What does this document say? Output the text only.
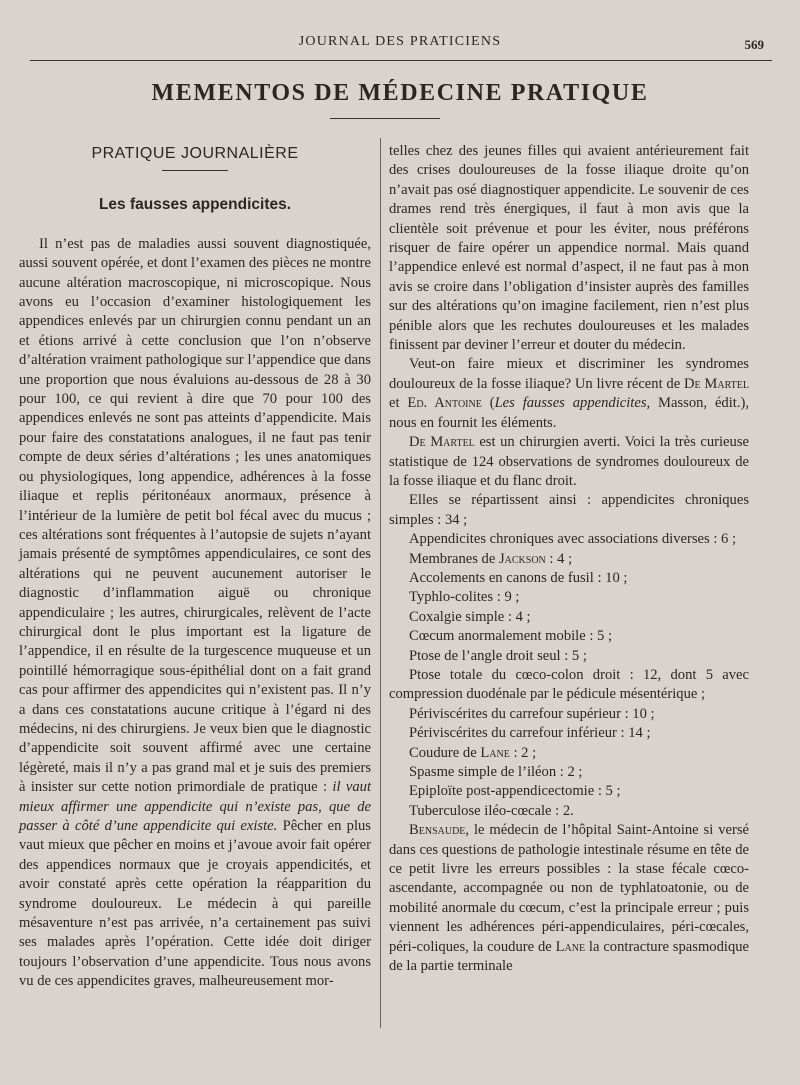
JOURNAL DES PRATICIENS	569
MEMENTOS DE MÉDECINE PRATIQUE
PRATIQUE JOURNALIÈRE
Les fausses appendicites.

Il n’est pas de maladies aussi souvent diagnostiquée, aussi souvent opérée, et dont l’examen des pièces ne montre aucune altération macroscopique, ni microscopique. Nous avons eu l’occasion d’examiner histologiquement les appendices enlevés par un chirurgien connu pendant un an et étions arrivé à cette conclusion que l’on n’observe d’altération vraiment pathologique sur l’appendice que dans une proportion que nous évaluions au-dessous de 28 à 30 pour 100, ce qui revient à dire que 70 pour 100 des appendices enlevés ne sont pas atteints d’appendicite. Mais pour faire des constatations analogues, il ne faut pas tenir compte de deux séries d’altérations ; les unes anatomiques ou physiologiques, long appendice, adhérences à la fosse iliaque et replis péritonéaux anormaux, présence à l’intérieur de la lumière de petit bol fécal avec du mucus ; ces altérations sont fréquentes à l’autopsie de sujets n’ayant jamais présenté de symptômes appendiculaires, ce sont des altérations qui ne peuvent aucunement autoriser le diagnostic d’inflammation aiguë ou chronique appendiculaire ; les autres, chirurgicales, relèvent de l’acte chirurgical dont le plus important est la ligature de l’appendice, il en résulte de la turgescence muqueuse et un pointillé hémorragique sous-épithélial dont on a fait grand cas pour affirmer des appendicites qui n’existent pas. Il n’y a dans ces constatations aucune critique à l’égard ni des médecins, ni des chirurgiens. Je veux bien que le diagnostic d’appendicite soit souvent affirmé avec une certaine légèreté, mais il n’y a pas grand mal et je suis des premiers à insister sur cette notion primordiale de pratique : il vaut mieux affirmer une appendicite qui n’existe pas, que de passer à côté d’une appendicite qui existe. Pêcher en plus vaut mieux que pêcher en moins et j’avoue avoir fait opérer des appendices normaux que je croyais appendicités, et avoir constaté après cette opération la réapparition du syndrome douloureux. Le médecin à qui pareille mésaventure n’est pas arrivée, n’a certainement pas suivi ses malades après l’opération. Cette idée doit diriger toujours l’observation d’une appendicite. Tous nous avons vu de ces appendicites graves, malheureusement mor-

telles chez des jeunes filles qui avaient antérieurement fait des crises douloureuses de la fosse iliaque droite qu’on n’avait pas osé diagnostiquer appendicite. Le souvenir de ces drames rend très énergiques, il faut à mon avis que la clientèle soit prévenue et pour les éviter, nous préférons risquer de faire opérer un appendice normal. Mais quand l’appendice enlevé est normal d’aspect, il ne faut pas à mon avis se croire dans l’obligation d’insister auprès des familles sur des altérations qu’on imagine facilement, rien n’est plus pénible alors que les rechutes douloureuses et les malades finissent par deviner l’erreur et douter du médecin.

Veut-on faire mieux et discriminer les syndromes douloureux de la fosse iliaque? Un livre récent de De Martel et Ed. Antoine (Les fausses appendicites, Masson, édit.), nous en fournit les éléments.

De Martel est un chirurgien averti. Voici la très curieuse statistique de 124 observations de syndromes douloureux de la fosse iliaque et du flanc droit.

Elles se répartissent ainsi : appendicites chroniques simples : 34 ;

Appendicites chroniques avec associations diverses : 6 ;

Membranes de Jackson : 4 ;

Accolements en canons de fusil : 10 ;

Typhlo-colites : 9 ;

Coxalgie simple : 4 ;

Cœcum anormalement mobile : 5 ;

Ptose de l’angle droit seul : 5 ;

Ptose totale du cœco-colon droit : 12, dont 5 avec compression duodénale par le pédicule mésentérique ;

Périviscérites du carrefour supérieur : 10 ;

Périviscérites du carrefour inférieur : 14 ;

Coudure de Lane : 2 ;

Spasme simple de l’iléon : 2 ;

Epiploïte post-appendicectomie : 5 ;

Tuberculose iléo-cœcale : 2.

Bensaude, le médecin de l’hôpital Saint-Antoine si versé dans ces questions de pathologie intestinale résume en tête de ce petit livre les erreurs possibles : la stase fécale cœco-ascendante, accompagnée ou non de typhlatoatonie, ou de mobilité anormale du cœcum, c’est la principale erreur ; puis viennent les adhérences péri-appendiculaires, péri-cœcales, péri-coliques, la coudure de Lane la contracture spasmodique de la partie terminale
